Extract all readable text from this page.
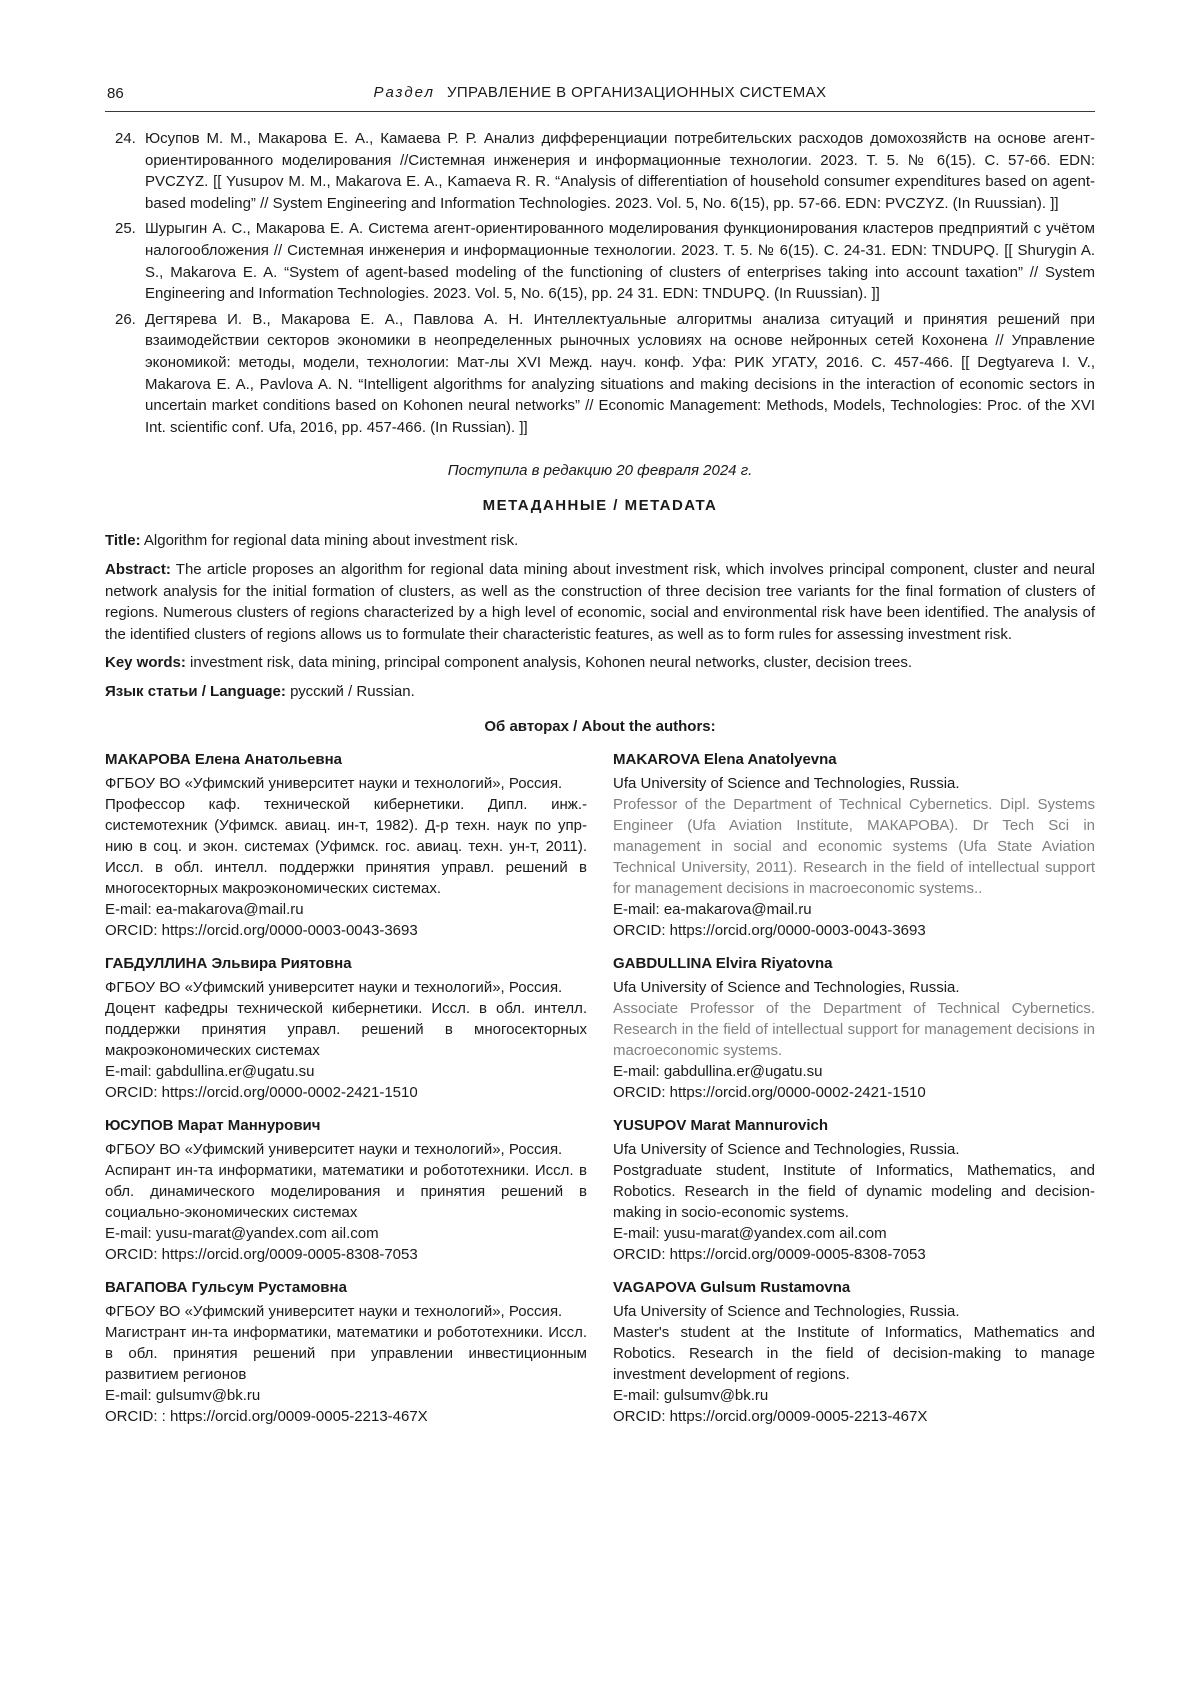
86	Раздел УПРАВЛЕНИЕ В ОРГАНИЗАЦИОННЫХ СИСТЕМАХ
24. Юсупов М. М., Макарова Е. А., Камаева Р. Р. Анализ дифференциации потребительских расходов домохозяйств на основе агент-ориентированного моделирования //Системная инженерия и информационные технологии. 2023. Т. 5. № 6(15). С. 57-66. EDN: PVCZYZ. [[ Yusupov M. M., Makarova E. A., Kamaeva R. R. “Analysis of differentiation of household consumer expenditures based on agent-based modeling” // System Engineering and Information Technologies. 2023. Vol. 5, No. 6(15), pp. 57-66. EDN: PVCZYZ. (In Ruussian). ]]
25. Шурыгин А. С., Макарова Е. А. Система агент-ориентированного моделирования функционирования кластеров предприятий с учётом налогообложения // Системная инженерия и информационные технологии. 2023. Т. 5. № 6(15). С. 24-31. EDN: TNDUPQ. [[ Shurygin A. S., Makarova E. A. “System of agent-based modeling of the functioning of clusters of enterprises taking into account taxation” // System Engineering and Information Technologies. 2023. Vol. 5, No. 6(15), pp. 24 31. EDN: TNDUPQ. (In Ruussian). ]]
26. Дегтярева И. В., Макарова Е. А., Павлова А. Н. Интеллектуальные алгоритмы анализа ситуаций и принятия решений при взаимодействии секторов экономики в неопределенных рыночных условиях на основе нейронных сетей Кохонена // Управление экономикой: методы, модели, технологии: Мат-лы XVI Межд. науч. конф. Уфа: РИК УГАТУ, 2016. С. 457-466. [[ Degtyareva I. V., Makarova E. A., Pavlova A. N. “Intelligent algorithms for analyzing situations and making decisions in the interaction of economic sectors in uncertain market conditions based on Kohonen neural networks” // Economic Management: Methods, Models, Technologies: Proc. of the XVI Int. scientific conf. Ufa, 2016, pp. 457-466. (In Russian). ]]

Поступила в редакцию 20 февраля 2024 г.

МЕТАДАННЫЕ / METADATA

Title: Algorithm for regional data mining about investment risk.

Abstract: The article proposes an algorithm for regional data mining about investment risk, which involves principal component, cluster and neural network analysis for the initial formation of clusters, as well as the construction of three decision tree variants for the final formation of clusters of regions. Numerous clusters of regions characterized by a high level of economic, social and environmental risk have been identified. The analysis of the identified clusters of regions allows us to formulate their characteristic features, as well as to form rules for assessing investment risk.

Key words: investment risk, data mining, principal component analysis, Kohonen neural networks, cluster, decision trees.

Язык статьи / Language: русский / Russian.

Об авторах / About the authors:
МАКАРОВА Елена Анатольевна
ФГБОУ ВО «Уфимский университет науки и технологий», Россия.
Профессор каф. технической кибернетики. Дипл. инж.-системотехник (Уфимск. авиац. ин-т, 1982). Д-р техн. наук по упр-нию в соц. и экон. системах (Уфимск. гос. авиац. техн. ун-т, 2011). Иссл. в обл. интелл. поддержки принятия управл. решений в многосекторных макроэкономических системах.
E-mail: ea-makarova@mail.ru
ORCID: https://orcid.org/0000-0003-0043-3693
MAKAROVA Elena Anatolyevna
Ufa University of Science and Technologies, Russia.
Professor of the Department of Technical Cybernetics. Dipl. Systems Engineer (Ufa Aviation Institute, МАКАРОВА). Dr Tech Sci in management in social and economic systems (Ufa State Aviation Technical University, 2011). Research in the field of intellectual support for management decisions in macroeconomic systems..
E-mail: ea-makarova@mail.ru
ORCID: https://orcid.org/0000-0003-0043-3693
ГАБДУЛЛИНА Эльвира Риятовна
ФГБОУ ВО «Уфимский университет науки и технологий», Россия.
Доцент кафедры технической кибернетики. Иссл. в обл. интелл. поддержки принятия управл. решений в многосекторных макроэкономических системах
E-mail: gabdullina.er@ugatu.su
ORCID: https://orcid.org/0000-0002-2421-1510
GABDULLINA Elvira Riyatovna
Ufa University of Science and Technologies, Russia.
Associate Professor of the Department of Technical Cybernetics. Research in the field of intellectual support for management decisions in macroeconomic systems.
E-mail: gabdullina.er@ugatu.su
ORCID: https://orcid.org/0000-0002-2421-1510
ЮСУПОВ Марат Маннурович
ФГБОУ ВО «Уфимский университет науки и технологий», Россия.
Аспирант ин-та информатики, математики и робототехники. Иссл. в обл. динамического моделирования и принятия решений в социально-экономических системах
E-mail: yusu-marat@yandex.com ail.com
ORCID: https://orcid.org/0009-0005-8308-7053
YUSUPOV Marat Mannurovich
Ufa University of Science and Technologies, Russia.
Postgraduate student, Institute of Informatics, Mathematics, and Robotics. Research in the field of dynamic modeling and decision-making in socio-economic systems.
E-mail: yusu-marat@yandex.com ail.com
ORCID: https://orcid.org/0009-0005-8308-7053
ВАГАПОВА Гульсум Рустамовна
ФГБОУ ВО «Уфимский университет науки и технологий», Россия.
Магистрант ин-та информатики, математики и робототехники. Иссл. в обл. принятия решений при управлении инвестиционным развитием регионов
E-mail: gulsumv@bk.ru
ORCID: : https://orcid.org/0009-0005-2213-467X
VAGAPOVA Gulsum Rustamovna
Ufa University of Science and Technologies, Russia.
Master's student at the Institute of Informatics, Mathematics and Robotics. Research in the field of decision-making to manage investment development of regions.
E-mail: gulsumv@bk.ru
ORCID: https://orcid.org/0009-0005-2213-467X
